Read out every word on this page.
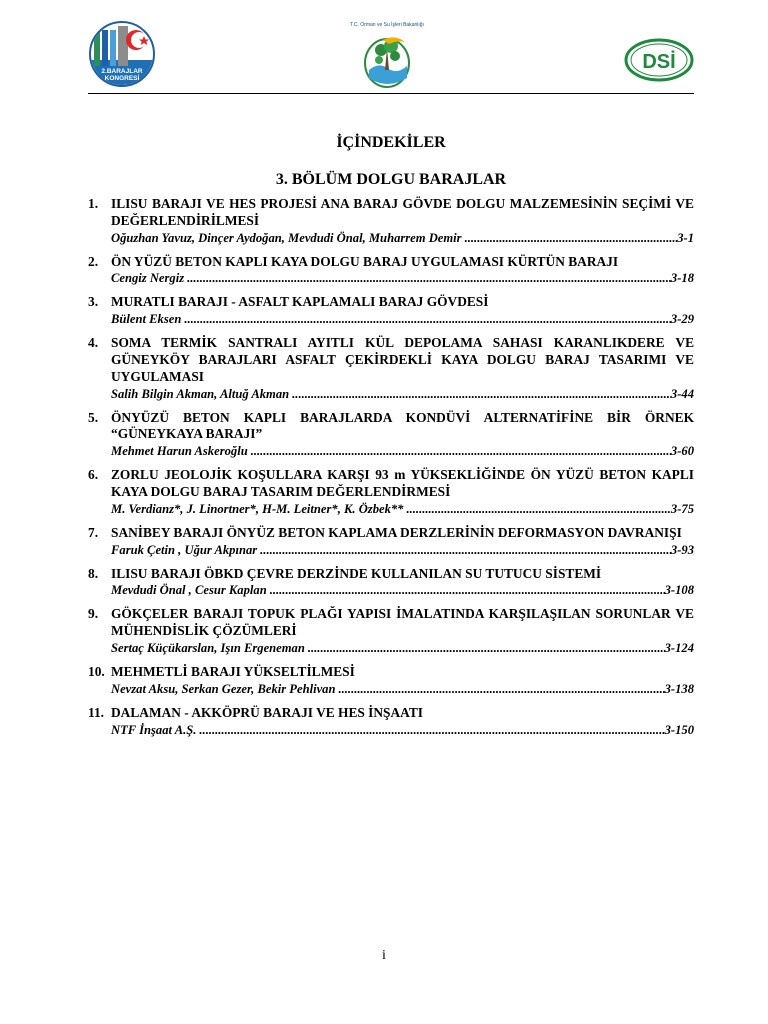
2.BARAJLAR
KONGRESİ
T.C. Orman ve Su İşleri Bakanlığı
DSİ
İÇİNDEKİLER
3. BÖLÜM DOLGU BARAJLAR
1. ILISU BARAJI VE HES PROJESİ ANA BARAJ GÖVDE DOLGU MALZEMESİNİN SEÇİMİ VE DEĞERLENDİRİLMESİ
Oğuzhan Yavuz, Dinçer Aydoğan, Mevdudi Önal, Muharrem Demir .....	3-1
2. ÖN YÜZÜ BETON KAPLI KAYA DOLGU BARAJ UYGULAMASI KÜRTÜN BARAJI
Cengiz Nergiz .....	3-18
3. MURATLI BARAJI - ASFALT KAPLAMALI BARAJ GÖVDESİ
Bülent Eksen .....	3-29
4. SOMA TERMİK SANTRALI AYITLI KÜL DEPOLAMA SAHASI KARANLIKDERE VE GÜNEYKÖY BARAJLARI ASFALT ÇEKİRDEKLİ KAYA DOLGU BARAJ TASARIMI VE UYGULAMASI
Salih Bilgin Akman, Altuğ Akman .....	3-44
5. ÖNYÜZÜ BETON KAPLI BARAJLARDA KONDÜVİ ALTERNATİFİNE BİR ÖRNEK “GÜNEYKAYA BARAJI”
Mehmet Harun Askeroğlu .....	3-60
6. ZORLU JEOLOJİK KOŞULLARA KARŞI 93 m YÜKSEKLİĞİNDE ÖN YÜZÜ BETON KAPLI KAYA DOLGU BARAJ TASARIM DEĞERLENDİRMESİ
M. Verdianz*, J. Linortner*, H-M. Leitner*, K. Özbek** .....	3-75
7. SANİBEY BARAJI ÖNYÜZ BETON KAPLAMA DERZLERİNİN DEFORMASYON DAVRANIŞI
Faruk Çetin , Uğur Akpınar .....	3-93
8. ILISU BARAJI ÖBKD ÇEVRE DERZİNDE KULLANILAN SU TUTUCU SİSTEMİ
Mevdudi Önal , Cesur Kaplan .....	3-108
9. GÖKÇELER BARAJI TOPUK PLAĞI YAPISI İMALATINDA KARŞILAŞILAN SORUNLAR VE MÜHENDİSLİK ÇÖZÜMLERİ
Sertaç Küçükarslan, Işın Ergeneman .....	3-124
10. MEHMETLİ BARAJI YÜKSELTİLMESİ
Nevzat Aksu, Serkan Gezer, Bekir Pehlivan .....	3-138
11. DALAMAN - AKKÖPRÜ BARAJI VE HES İNŞAATI
NTF İnşaat A.Ş. .....	3-150
i
